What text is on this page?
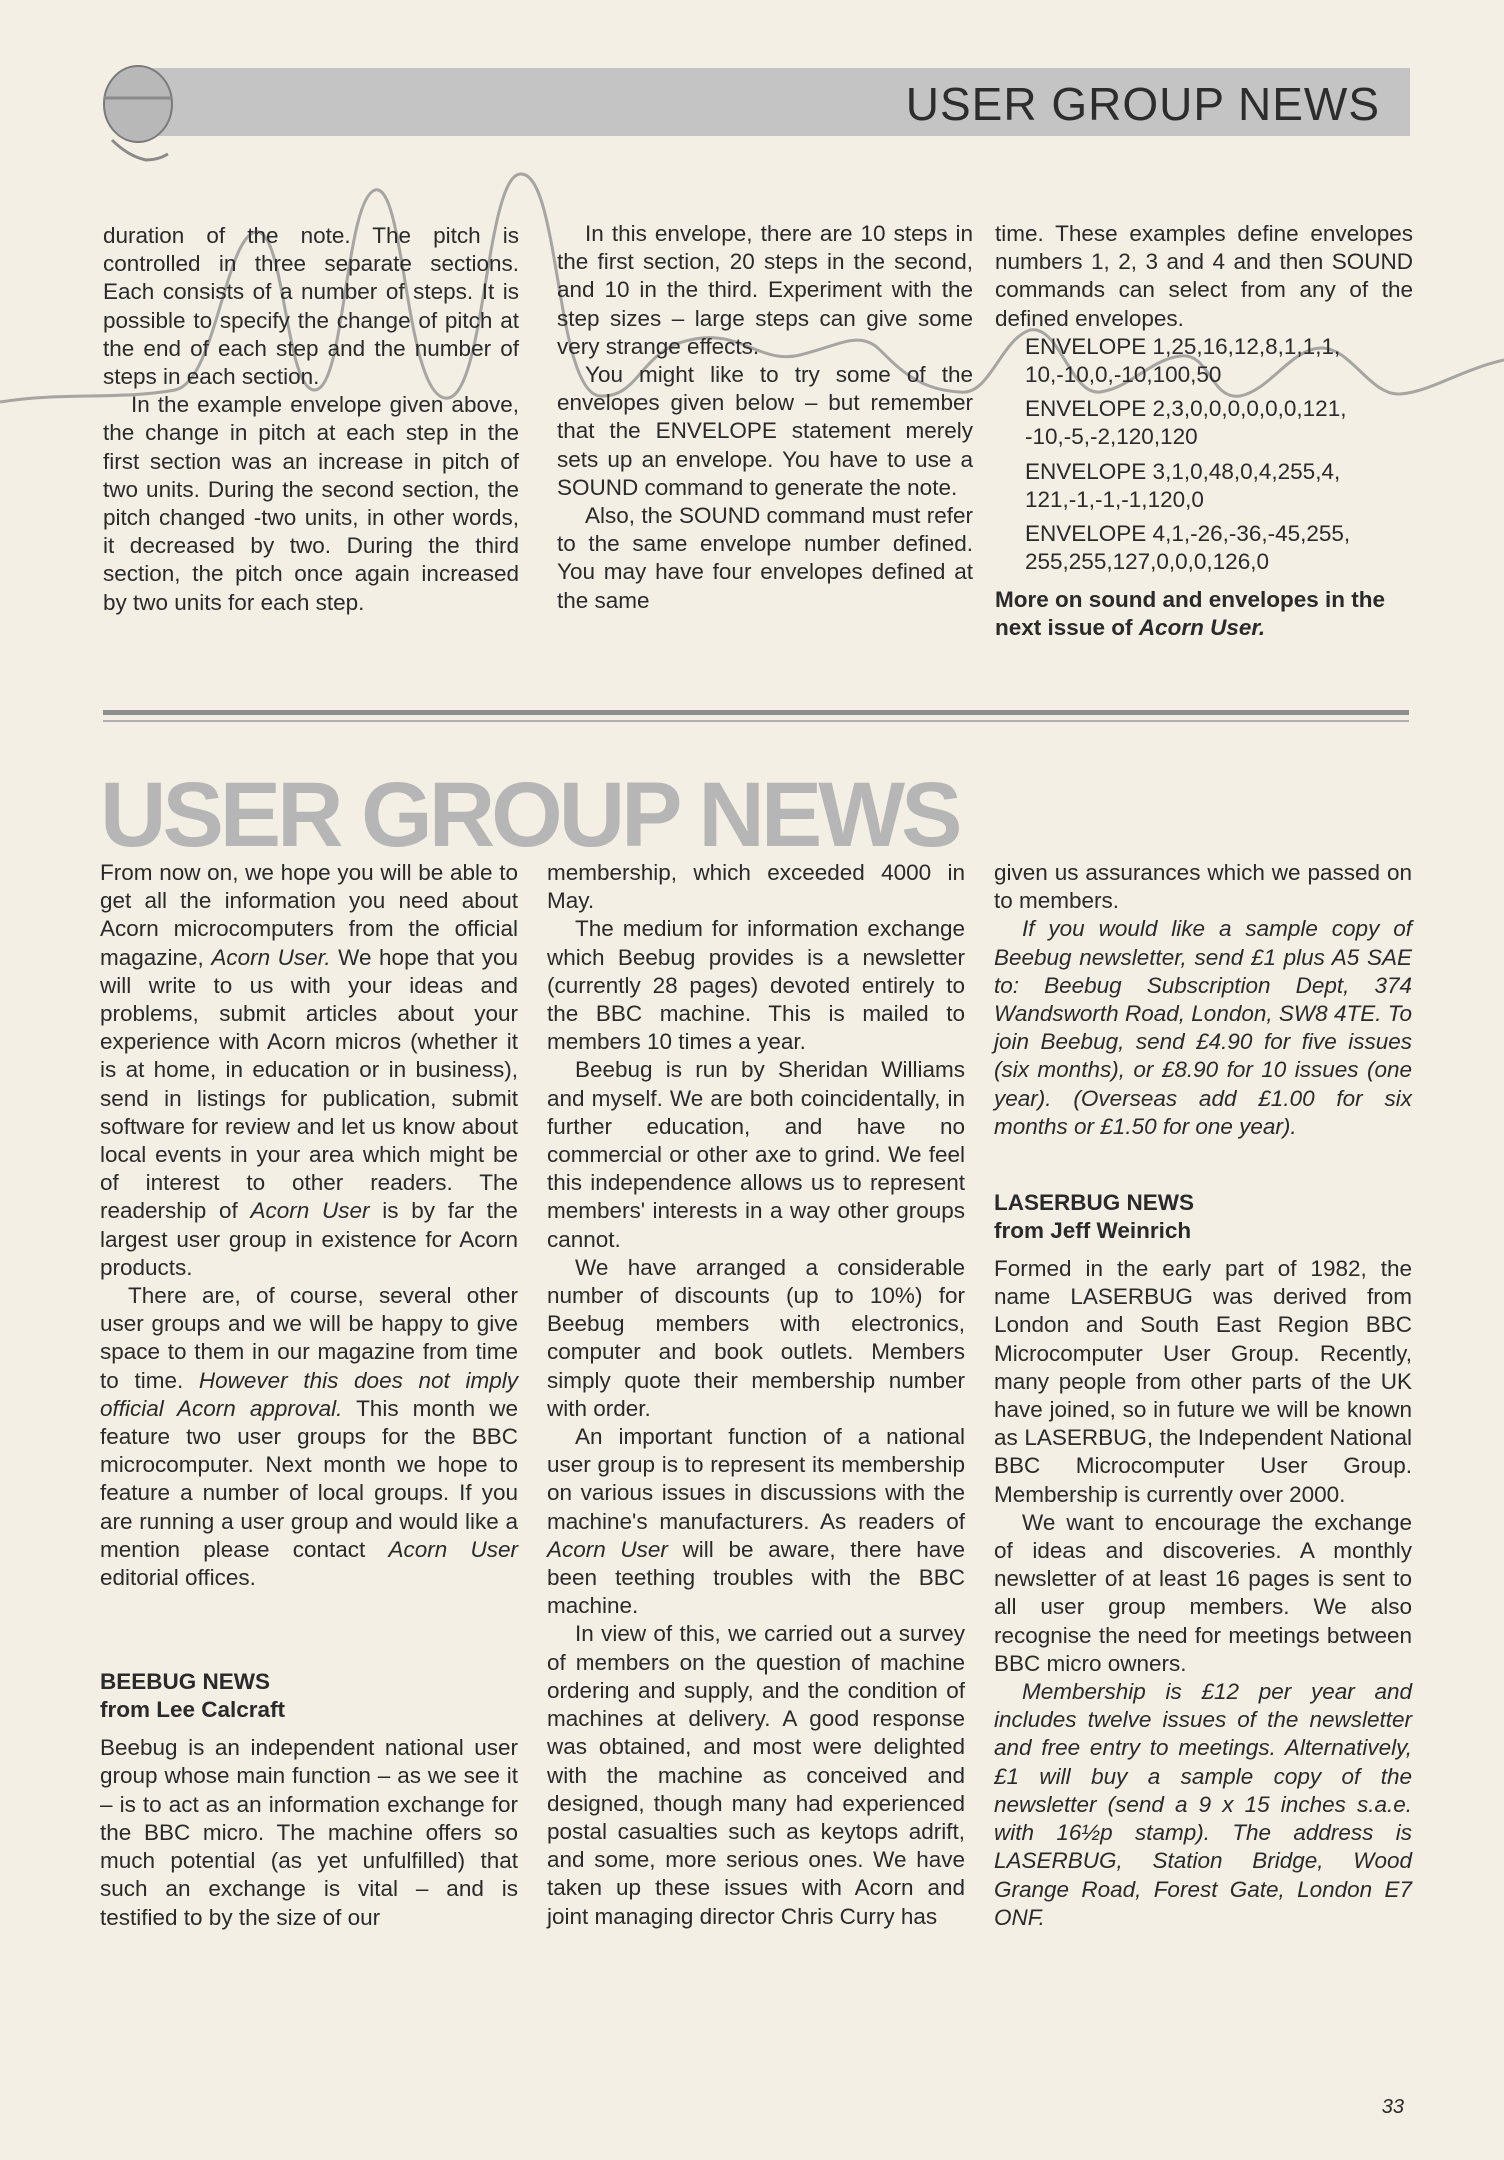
USER GROUP NEWS

duration of the note. The pitch is controlled in three separate sections. Each consists of a number of steps. It is possible to specify the change of pitch at the end of each step and the number of steps in each section.

In the example envelope given above, the change in pitch at each step in the first section was an increase in pitch of two units. During the second section, the pitch changed -two units, in other words, it decreased by two. During the third section, the pitch once again increased by two units for each step.

In this envelope, there are 10 steps in the first section, 20 steps in the second, and 10 in the third. Experiment with the step sizes – large steps can give some very strange effects.

You might like to try some of the envelopes given below – but remember that the ENVELOPE statement merely sets up an envelope. You have to use a SOUND command to generate the note.

Also, the SOUND command must refer to the same envelope number defined. You may have four envelopes defined at the same

time. These examples define envelopes numbers 1, 2, 3 and 4 and then SOUND commands can select from any of the defined envelopes.

ENVELOPE 1,25,16,12,8,1,1,1, 10,-10,0,-10,100,50

ENVELOPE 2,3,0,0,0,0,0,0,121, -10,-5,-2,120,120

ENVELOPE 3,1,0,48,0,4,255,4, 121,-1,-1,-1,120,0

ENVELOPE 4,1,-26,-36,-45,255, 255,255,127,0,0,0,126,0

More on sound and envelopes in the next issue of Acorn User.

USER GROUP NEWS

From now on, we hope you will be able to get all the information you need about Acorn microcomputers from the official magazine, Acorn User. We hope that you will write to us with your ideas and problems, submit articles about your experience with Acorn micros (whether it is at home, in education or in business), send in listings for publication, submit software for review and let us know about local events in your area which might be of interest to other readers. The readership of Acorn User is by far the largest user group in existence for Acorn products.

There are, of course, several other user groups and we will be happy to give space to them in our magazine from time to time. However this does not imply official Acorn approval. This month we feature two user groups for the BBC microcomputer. Next month we hope to feature a number of local groups. If you are running a user group and would like a mention please contact Acorn User editorial offices.

BEEBUG NEWS

from Lee Calcraft

Beebug is an independent national user group whose main function – as we see it – is to act as an information exchange for the BBC micro. The machine offers so much potential (as yet unfulfilled) that such an exchange is vital – and is testified to by the size of our

membership, which exceeded 4000 in May.

The medium for information exchange which Beebug provides is a newsletter (currently 28 pages) devoted entirely to the BBC machine. This is mailed to members 10 times a year.

Beebug is run by Sheridan Williams and myself. We are both coincidentally, in further education, and have no commercial or other axe to grind. We feel this independence allows us to represent members' interests in a way other groups cannot.

We have arranged a considerable number of discounts (up to 10%) for Beebug members with electronics, computer and book outlets. Members simply quote their membership number with order.

An important function of a national user group is to represent its membership on various issues in discussions with the machine's manufacturers. As readers of Acorn User will be aware, there have been teething troubles with the BBC machine.

In view of this, we carried out a survey of members on the question of machine ordering and supply, and the condition of machines at delivery. A good response was obtained, and most were delighted with the machine as conceived and designed, though many had experienced postal casualties such as keytops adrift, and some, more serious ones. We have taken up these issues with Acorn and joint managing director Chris Curry has

given us assurances which we passed on to members.

If you would like a sample copy of Beebug newsletter, send £1 plus A5 SAE to: Beebug Subscription Dept, 374 Wandsworth Road, London, SW8 4TE. To join Beebug, send £4.90 for five issues (six months), or £8.90 for 10 issues (one year). (Overseas add £1.00 for six months or £1.50 for one year).

LASERBUG NEWS

from Jeff Weinrich

Formed in the early part of 1982, the name LASERBUG was derived from London and South East Region BBC Microcomputer User Group. Recently, many people from other parts of the UK have joined, so in future we will be known as LASERBUG, the Independent National BBC Microcomputer User Group. Membership is currently over 2000.

We want to encourage the exchange of ideas and discoveries. A monthly newsletter of at least 16 pages is sent to all user group members. We also recognise the need for meetings between BBC micro owners.

Membership is £12 per year and includes twelve issues of the newsletter and free entry to meetings. Alternatively, £1 will buy a sample copy of the newsletter (send a 9 x 15 inches s.a.e. with 16½p stamp). The address is LASERBUG, Station Bridge, Wood Grange Road, Forest Gate, London E7 ONF.

33
